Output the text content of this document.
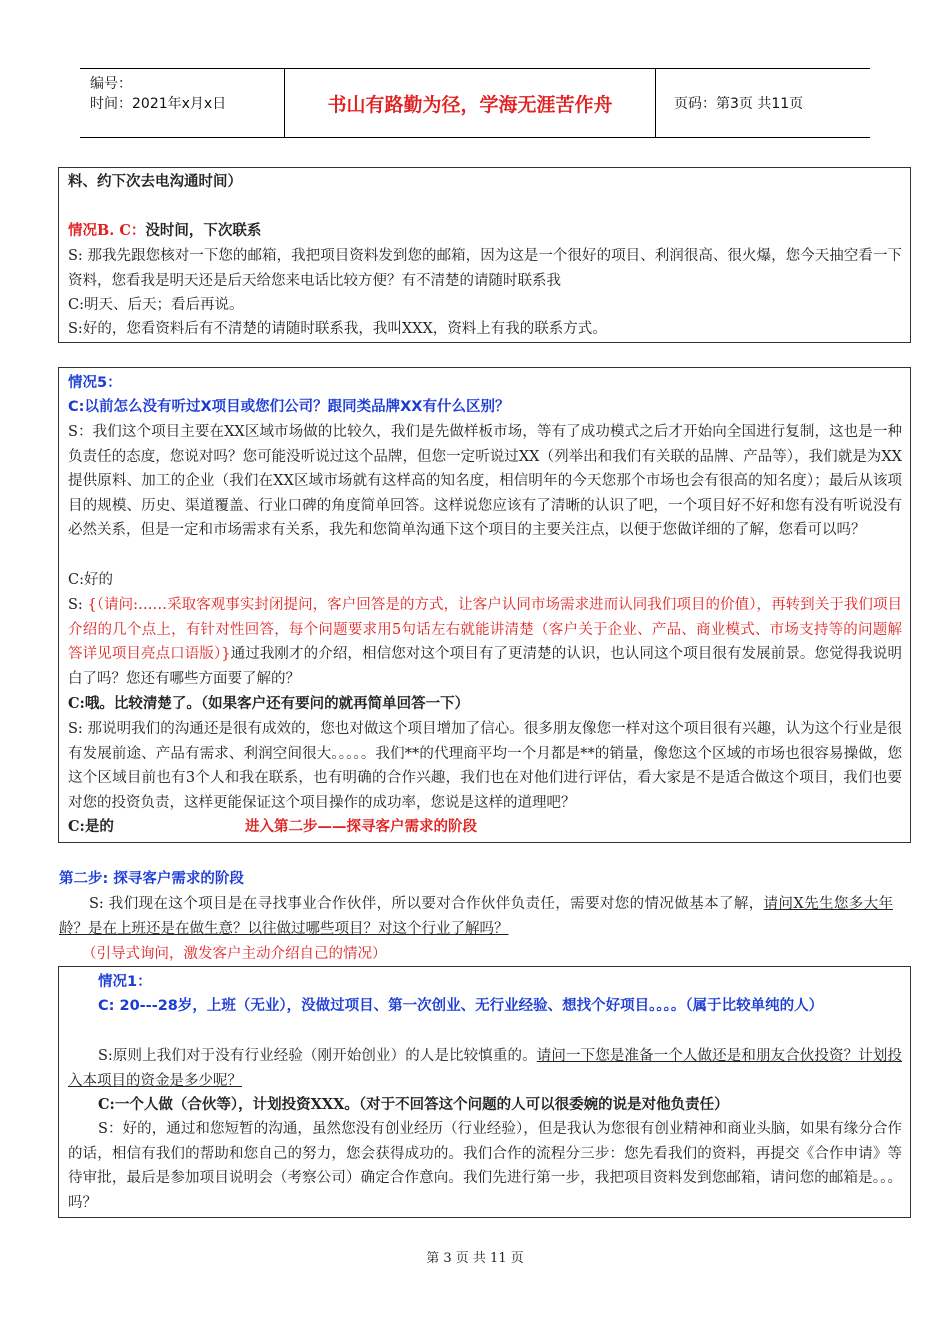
编号：
时间：2021年x月x日	书山有路勤为径，学海无涯苦作舟	页码：第3页 共11页
料、约下次去电沟通时间）
情况B. C：没时间，下次联系
S: 那我先跟您核对一下您的邮箱，我把项目资料发到您的邮箱，因为这是一个很好的项目、利润很高、很火爆，您今天抽空看一下资料，您看我是明天还是后天给您来电话比较方便？有不清楚的请随时联系我
C:明天、后天；看后再说。
S:好的，您看资料后有不清楚的请随时联系我，我叫XXX，资料上有我的联系方式。
情况5：
C:以前怎么没有听过X项目或您们公司？跟同类品牌XX有什么区别？
S：我们这个项目主要在XX区域市场做的比较久，我们是先做样板市场，等有了成功模式之后才开始向全国进行复制，这也是一种负责任的态度，您说对吗？您可能没听说过这个品牌，但您一定听说过XX（列举出和我们有关联的品牌、产品等），我们就是为XX提供原料、加工的企业（我们在XX区域市场就有这样高的知名度，相信明年的今天您那个市场也会有很高的知名度）；最后从该项目的规模、历史、渠道覆盖、行业口碑的角度简单回答。这样说您应该有了清晰的认识了吧，一个项目好不好和您有没有听说没有必然关系，但是一定和市场需求有关系，我先和您简单沟通下这个项目的主要关注点，以便于您做详细的了解，您看可以吗？
C:好的
S: {（请问:……采取客观事实封闭提问，客户回答是的方式，让客户认同市场需求进而认同我们项目的价值），再转到关于我们项目介绍的几个点上，有针对性回答，每个问题要求用5句话左右就能讲清楚（客户关于企业、产品、商业模式、市场支持等的问题解答详见项目亮点口语版）}通过我刚才的介绍，相信您对这个项目有了更清楚的认识，也认同这个项目很有发展前景。您觉得我说明白了吗？您还有哪些方面要了解的？
C:哦。比较清楚了。（如果客户还有要问的就再简单回答一下）
S: 那说明我们的沟通还是很有成效的，您也对做这个项目增加了信心。很多朋友像您一样对这个项目很有兴趣，认为这个行业是很有发展前途、产品有需求、利润空间很大。。。。。我们**的代理商平均一个月都是**的销量，像您这个区域的市场也很容易操做，您这个区域目前也有3个人和我在联系，也有明确的合作兴趣，我们也在对他们进行评估，看大家是不是适合做这个项目，我们也要对您的投资负责，这样更能保证这个项目操作的成功率，您说是这样的道理吧？
C:是的	进入第二步——探寻客户需求的阶段
第二步: 探寻客户需求的阶段
S: 我们现在这个项目是在寻找事业合作伙伴，所以要对合作伙伴负责任，需要对您的情况做基本了解，请问X先生您多大年龄？是在上班还是在做生意？以往做过哪些项目？对这个行业了解吗？
（引导式询问，激发客户主动介绍自己的情况）
情况1：
C: 20---28岁，上班（无业），没做过项目、第一次创业、无行业经验、想找个好项目。。。。（属于比较单纯的人）
S:原则上我们对于没有行业经验（刚开始创业）的人是比较慎重的。请问一下您是准备一个人做还是和朋友合伙投资？计划投入本项目的资金是多少呢？
C:一个人做（合伙等），计划投资XXX。（对于不回答这个问题的人可以很委婉的说是对他负责任）
S：好的，通过和您短暂的沟通，虽然您没有创业经历（行业经验），但是我认为您很有创业精神和商业头脑，如果有缘分合作的话，相信有我们的帮助和您自己的努力，您会获得成功的。我们合作的流程分三步：您先看我们的资料，再提交《合作申请》等待审批，最后是参加项目说明会（考察公司）确定合作意向。我们先进行第一步，我把项目资料发到您邮箱，请问您的邮箱是。。。吗？
第 3 页 共 11 页
